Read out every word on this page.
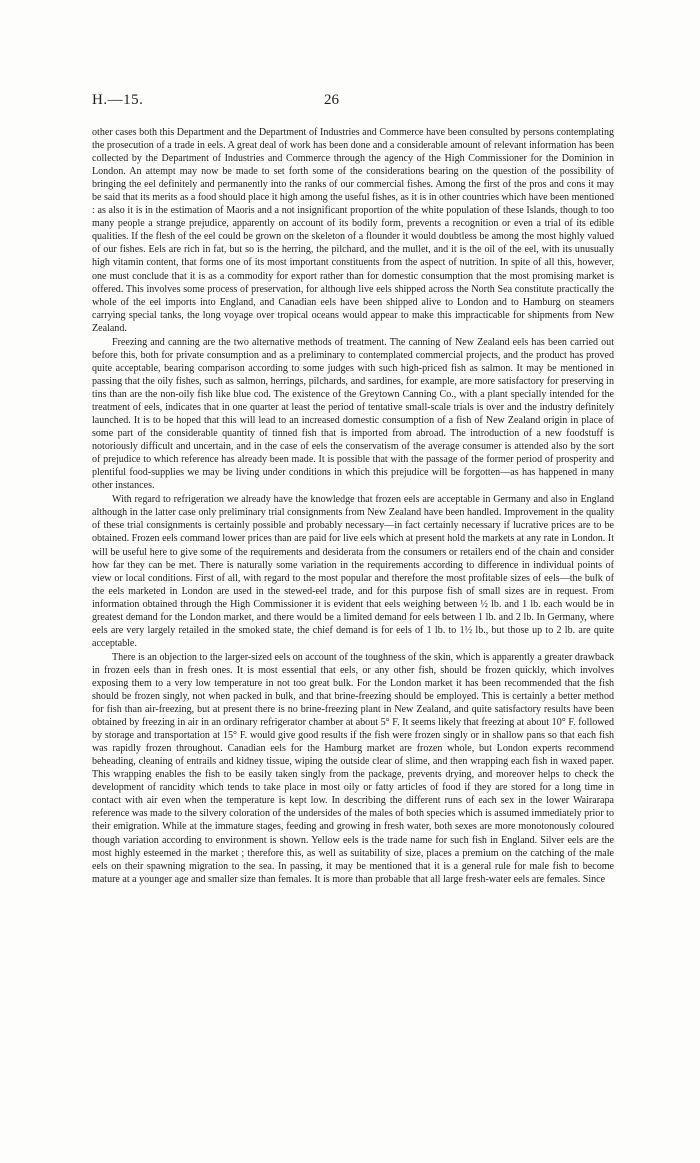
H.—15.	26

other cases both this Department and the Department of Industries and Commerce have been consulted by persons contemplating the prosecution of a trade in eels. A great deal of work has been done and a considerable amount of relevant information has been collected by the Department of Industries and Commerce through the agency of the High Commissioner for the Dominion in London. An attempt may now be made to set forth some of the considerations bearing on the question of the possibility of bringing the eel definitely and permanently into the ranks of our commercial fishes. Among the first of the pros and cons it may be said that its merits as a food should place it high among the useful fishes, as it is in other countries which have been mentioned : as also it is in the estimation of Maoris and a not insignificant proportion of the white population of these Islands, though to too many people a strange prejudice, apparently on account of its bodily form, prevents a recognition or even a trial of its edible qualities. If the flesh of the eel could be grown on the skeleton of a flounder it would doubtless be among the most highly valued of our fishes. Eels are rich in fat, but so is the herring, the pilchard, and the mullet, and it is the oil of the eel, with its unusually high vitamin content, that forms one of its most important constituents from the aspect of nutrition. In spite of all this, however, one must conclude that it is as a commodity for export rather than for domestic consumption that the most promising market is offered. This involves some process of preservation, for although live eels shipped across the North Sea constitute practically the whole of the eel imports into England, and Canadian eels have been shipped alive to London and to Hamburg on steamers carrying special tanks, the long voyage over tropical oceans would appear to make this impracticable for shipments from New Zealand.

Freezing and canning are the two alternative methods of treatment. The canning of New Zealand eels has been carried out before this, both for private consumption and as a preliminary to contemplated commercial projects, and the product has proved quite acceptable, bearing comparison according to some judges with such high-priced fish as salmon. It may be mentioned in passing that the oily fishes, such as salmon, herrings, pilchards, and sardines, for example, are more satisfactory for preserving in tins than are the non-oily fish like blue cod. The existence of the Greytown Canning Co., with a plant specially intended for the treatment of eels, indicates that in one quarter at least the period of tentative small-scale trials is over and the industry definitely launched. It is to be hoped that this will lead to an increased domestic consumption of a fish of New Zealand origin in place of some part of the considerable quantity of tinned fish that is imported from abroad. The introduction of a new foodstuff is notoriously difficult and uncertain, and in the case of eels the conservatism of the average consumer is attended also by the sort of prejudice to which reference has already been made. It is possible that with the passage of the former period of prosperity and plentiful food-supplies we may be living under conditions in which this prejudice will be forgotten—as has happened in many other instances.

With regard to refrigeration we already have the knowledge that frozen eels are acceptable in Germany and also in England although in the latter case only preliminary trial consignments from New Zealand have been handled. Improvement in the quality of these trial consignments is certainly possible and probably necessary—in fact certainly necessary if lucrative prices are to be obtained. Frozen eels command lower prices than are paid for live eels which at present hold the markets at any rate in London. It will be useful here to give some of the requirements and desiderata from the consumers or retailers end of the chain and consider how far they can be met. There is naturally some variation in the requirements according to difference in individual points of view or local conditions. First of all, with regard to the most popular and therefore the most profitable sizes of eels—the bulk of the eels marketed in London are used in the stewed-eel trade, and for this purpose fish of small sizes are in request. From information obtained through the High Commissioner it is evident that eels weighing between ½ lb. and 1 lb. each would be in greatest demand for the London market, and there would be a limited demand for eels between 1 lb. and 2 lb. In Germany, where eels are very largely retailed in the smoked state, the chief demand is for eels of 1 lb. to 1½ lb., but those up to 2 lb. are quite acceptable.

There is an objection to the larger-sized eels on account of the toughness of the skin, which is apparently a greater drawback in frozen eels than in fresh ones. It is most essential that eels, or any other fish, should be frozen quickly, which involves exposing them to a very low temperature in not too great bulk. For the London market it has been recommended that the fish should be frozen singly, not when packed in bulk, and that brine-freezing should be employed. This is certainly a better method for fish than air-freezing, but at present there is no brine-freezing plant in New Zealand, and quite satisfactory results have been obtained by freezing in air in an ordinary refrigerator chamber at about 5° F. It seems likely that freezing at about 10° F. followed by storage and transportation at 15° F. would give good results if the fish were frozen singly or in shallow pans so that each fish was rapidly frozen throughout. Canadian eels for the Hamburg market are frozen whole, but London experts recommend beheading, cleaning of entrails and kidney tissue, wiping the outside clear of slime, and then wrapping each fish in waxed paper. This wrapping enables the fish to be easily taken singly from the package, prevents drying, and moreover helps to check the development of rancidity which tends to take place in most oily or fatty articles of food if they are stored for a long time in contact with air even when the temperature is kept low. In describing the different runs of each sex in the lower Wairarapa reference was made to the silvery coloration of the undersides of the males of both species which is assumed immediately prior to their emigration. While at the immature stages, feeding and growing in fresh water, both sexes are more monotonously coloured though variation according to environment is shown. Yellow eels is the trade name for such fish in England. Silver eels are the most highly esteemed in the market ; therefore this, as well as suitability of size, places a premium on the catching of the male eels on their spawning migration to the sea. In passing, it may be mentioned that it is a general rule for male fish to become mature at a younger age and smaller size than females. It is more than probable that all large fresh-water eels are females. Since
